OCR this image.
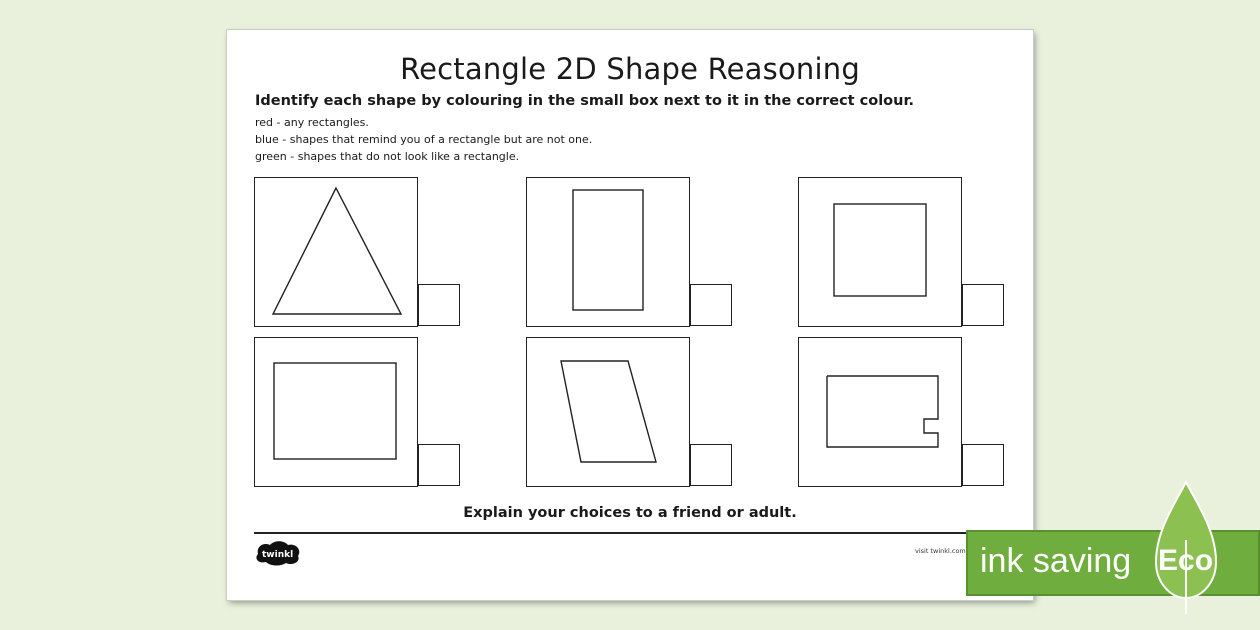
Rectangle 2D Shape Reasoning
Identify each shape by colouring in the small box next to it in the correct colour.
red - any rectangles.
blue - shapes that remind you of a rectangle but are not one.
green - shapes that do not look like a rectangle.
Explain your choices to a friend or adult.
twinkl	visit twinkl.com ink saving Eco
